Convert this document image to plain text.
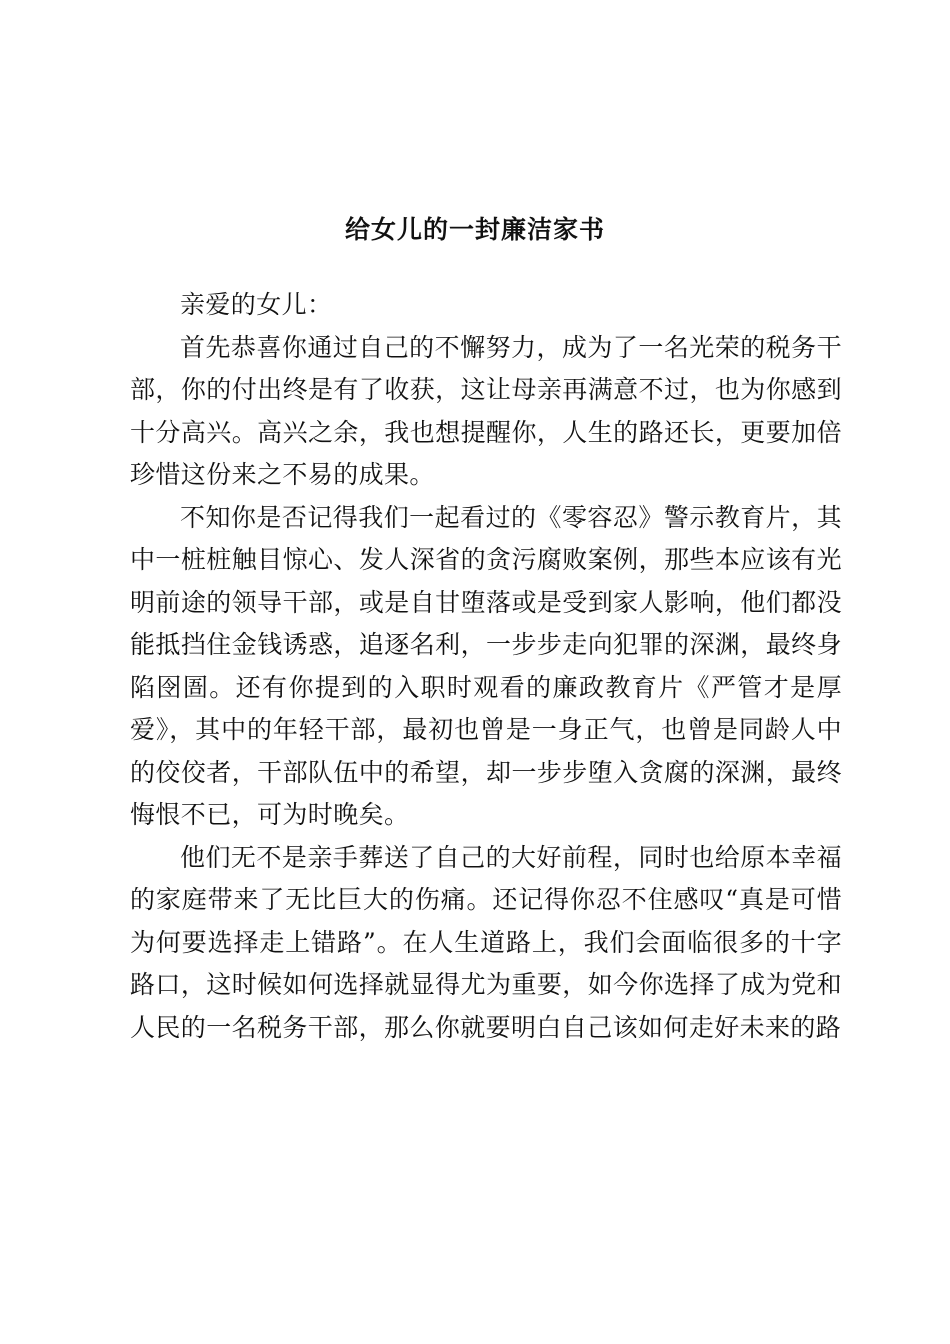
给女儿的一封廉洁家书

亲爱的女儿：

首先恭喜你通过自己的不懈努力，成为了一名光荣的税务干部，你的付出终是有了收获，这让母亲再满意不过，也为你感到十分高兴。高兴之余，我也想提醒你，人生的路还长，更要加倍珍惜这份来之不易的成果。

不知你是否记得我们一起看过的《零容忍》警示教育片，其中一桩桩触目惊心、发人深省的贪污腐败案例，那些本应该有光明前途的领导干部，或是自甘堕落或是受到家人影响，他们都没能抵挡住金钱诱惑，追逐名利，一步步走向犯罪的深渊，最终身陷囹圄。还有你提到的入职时观看的廉政教育片《严管才是厚爱》，其中的年轻干部，最初也曾是一身正气，也曾是同龄人中的佼佼者，干部队伍中的希望，却一步步堕入贪腐的深渊，最终悔恨不已，可为时晚矣。

他们无不是亲手葬送了自己的大好前程，同时也给原本幸福的家庭带来了无比巨大的伤痛。还记得你忍不住感叹“真是可惜为何要选择走上错路”。在人生道路上，我们会面临很多的十字路口，这时候如何选择就显得尤为重要，如今你选择了成为党和人民的一名税务干部，那么你就要明白自己该如何走好未来的路
